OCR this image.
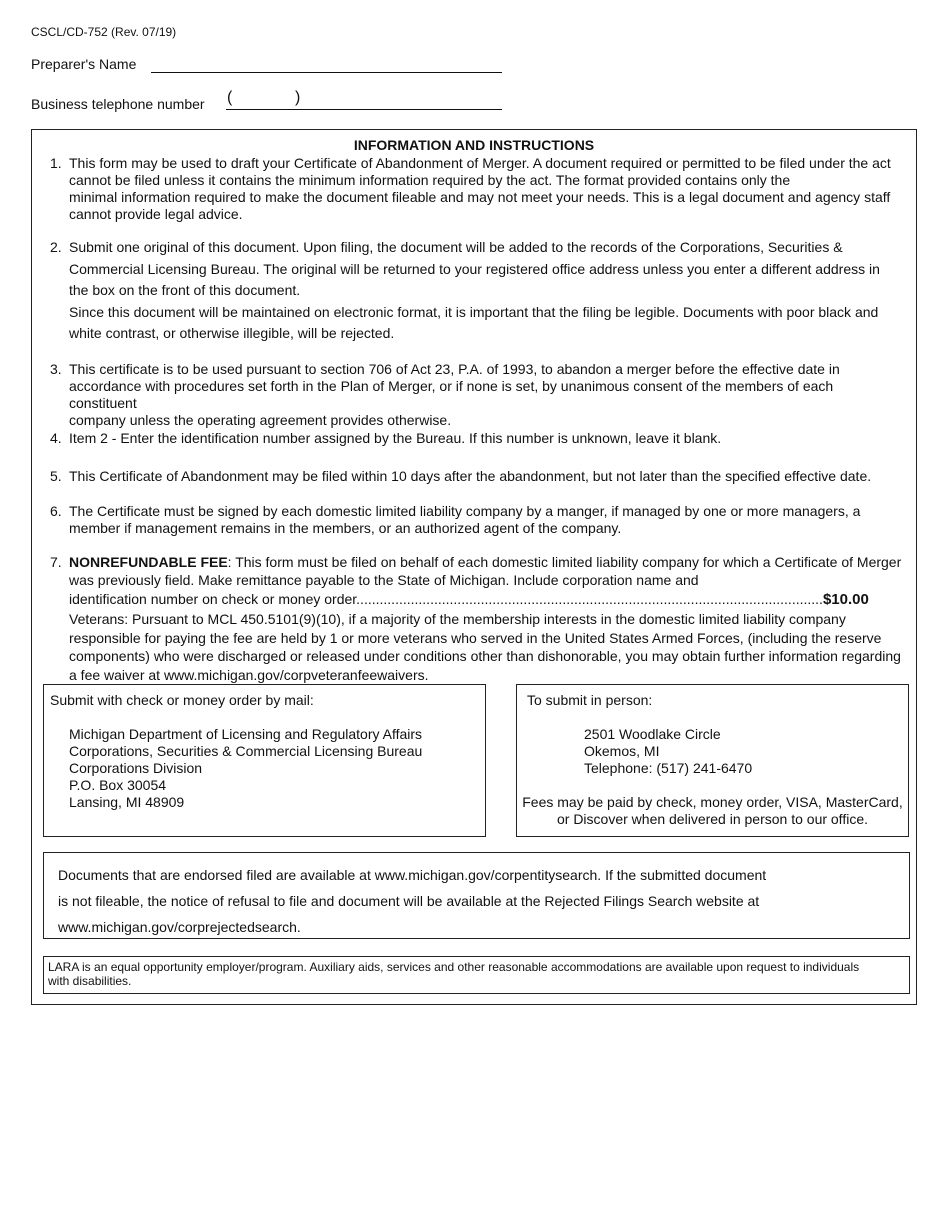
CSCL/CD-752 (Rev. 07/19)
Preparer's Name
Business telephone number (	)
INFORMATION AND INSTRUCTIONS
1. This form may be used to draft your Certificate of Abandonment of Merger. A document required or permitted to be filed under the act
cannot be filed unless it contains the minimum information required by the act. The format provided contains only the
minimal information required to make the document fileable and may not meet your needs. This is a legal document and agency staff
cannot provide legal advice.
2. Submit one original of this document. Upon filing, the document will be added to the records of the Corporations, Securities &
Commercial Licensing Bureau. The original will be returned to your registered office address unless you enter a different address in
the box on the front of this document.
Since this document will be maintained on electronic format, it is important that the filing be legible. Documents with poor black and
white contrast, or otherwise illegible, will be rejected.
3. This certificate is to be used pursuant to section 706 of Act 23, P.A. of 1993, to abandon a merger before the effective date in
accordance with procedures set forth in the Plan of Merger, or if none is set, by unanimous consent of the members of each constituent
company unless the operating agreement provides otherwise.
4. Item 2 - Enter the identification number assigned by the Bureau. If this number is unknown, leave it blank.
5. This Certificate of Abandonment may be filed within 10 days after the abandonment, but not later than the specified effective date.
6. The Certificate must be signed by each domestic limited liability company by a manger, if managed by one or more managers, a
member if management remains in the members, or an authorized agent of the company.
7. NONREFUNDABLE FEE: This form must be filed on behalf of each domestic limited liability company for which a Certificate of Merger
was previously field. Make remittance payable to the State of Michigan. Include corporation name and
identification number on check or money order........................................................................................................................$10.00
Veterans: Pursuant to MCL 450.5101(9)(10), if a majority of the membership interests in the domestic limited liability company
responsible for paying the fee are held by 1 or more veterans who served in the United States Armed Forces, (including the reserve
components) who were discharged or released under conditions other than dishonorable, you may obtain further information regarding
a fee waiver at www.michigan.gov/corpveteranfeewaivers.
Submit with check or money order by mail:
Michigan Department of Licensing and Regulatory Affairs
Corporations, Securities & Commercial Licensing Bureau
Corporations Division
P.O. Box 30054
Lansing, MI 48909
To submit in person:
2501 Woodlake Circle
Okemos, MI
Telephone: (517) 241-6470
Fees may be paid by check, money order, VISA, MasterCard,
or Discover when delivered in person to our office.
Documents that are endorsed filed are available at www.michigan.gov/corpentitysearch. If the submitted document
is not fileable, the notice of refusal to file and document will be available at the Rejected Filings Search website at
www.michigan.gov/corprejectedsearch.
LARA is an equal opportunity employer/program. Auxiliary aids, services and other reasonable accommodations are available upon request to individuals
with disabilities.
